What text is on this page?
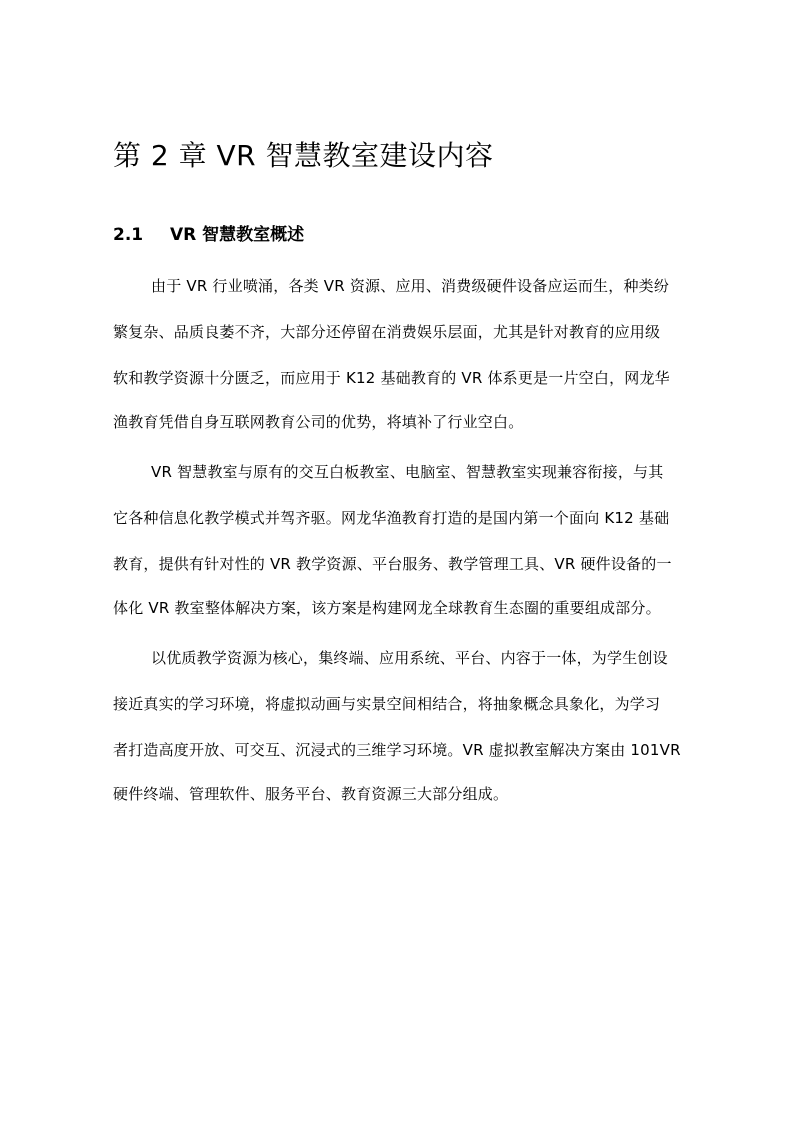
第 2 章 VR 智慧教室建设内容
2.1 VR 智慧教室概述
由于 VR 行业喷涌，各类 VR 资源、应用、消费级硬件设备应运而生，种类纷
繁复杂、品质良萎不齐，大部分还停留在消费娱乐层面，尤其是针对教育的应用级
软和教学资源十分匮乏，而应用于 K12 基础教育的 VR 体系更是一片空白，网龙华
渔教育凭借自身互联网教育公司的优势，将填补了行业空白。
VR 智慧教室与原有的交互白板教室、电脑室、智慧教室实现兼容衔接，与其
它各种信息化教学模式并驾齐驱。网龙华渔教育打造的是国内第一个面向 K12 基础
教育，提供有针对性的 VR 教学资源、平台服务、教学管理工具、VR 硬件设备的一
体化 VR 教室整体解决方案，该方案是构建网龙全球教育生态圈的重要组成部分。
以优质教学资源为核心，集终端、应用系统、平台、内容于一体，为学生创设
接近真实的学习环境，将虚拟动画与实景空间相结合，将抽象概念具象化，为学习
者打造高度开放、可交互、沉浸式的三维学习环境。VR 虚拟教室解决方案由 101VR
硬件终端、管理软件、服务平台、教育资源三大部分组成。
